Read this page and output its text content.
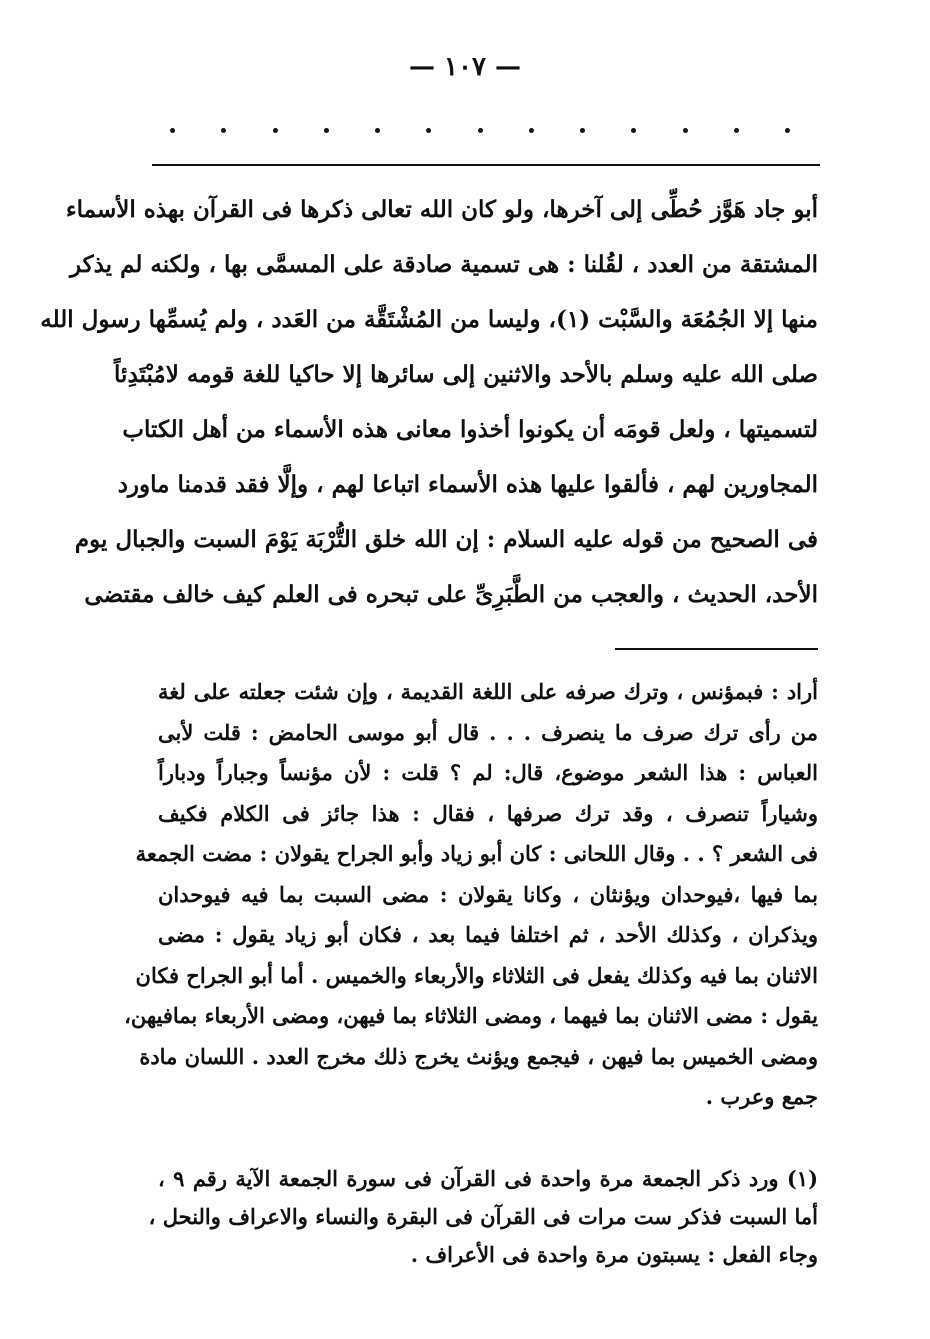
— ١٠٧ —
أبو جاد هَوَّز حُطِّى إلى آخرها، ولو كان الله تعالى ذكرها فى القرآن بهذه الأسماء
المشتقة من العدد ، لقُلنا : هى تسمية صادقة على المسمَّى بها ، ولكنه لم يذكر
منها إلا الجُمُعَة والسَّبْت (١)، وليسا من المُشْتَقَّة من العَدد ، ولم يُسمِّها رسول الله
صلى الله عليه وسلم بالأحد والاثنين إلى سائرها إلا حاكيا للغة قومه لامُبْتَدِئاً
لتسميتها ، ولعل قومَه أن يكونوا أخذوا معانى هذه الأسماء من أهل الكتاب
المجاورين لهم ، فألقوا عليها هذه الأسماء اتباعا لهم ، وإلَّا فقد قدمنا ماورد
فى الصحيح من قوله عليه السلام : إن الله خلق التُّرْبَة يَوْمَ السبت والجبال يوم
الأحد، الحديث ، والعجب من الطَّبَرِىِّ على تبحره فى العلم كيف خالف مقتضى
أراد : فبمؤنس ، وترك صرفه على اللغة القديمة ، وإن شئت جعلته على لغة
من رأى ترك صرف ما ينصرف . . . قال أبو موسى الحامض : قلت لأبى
العباس : هذا الشعر موضوع، قال: لم ؟ قلت : لأن مؤنساً وجباراً ودباراً
وشياراً تنصرف ، وقد ترك صرفها ، فقال : هذا جائز فى الكلام فكيف
فى الشعر ؟ . . وقال اللحانى : كان أبو زياد وأبو الجراح يقولان : مضت الجمعة
بما فيها ،فيوحدان ويؤنثان ، وكانا يقولان : مضى السبت بما فيه فيوحدان
ويذكران ، وكذلك الأحد ، ثم اختلفا فيما بعد ، فكان أبو زياد يقول : مضى
الاثنان بما فيه وكذلك يفعل فى الثلاثاء والأربعاء والخميس . أما أبو الجراح فكان
يقول : مضى الاثنان بما فيهما ، ومضى الثلاثاء بما فيهن، ومضى الأربعاء بمافيهن،
ومضى الخميس بما فيهن ، فيجمع ويؤنث يخرج ذلك مخرج العدد . اللسان مادة
جمع وعرب .
(١) ورد ذكر الجمعة مرة واحدة فى القرآن فى سورة الجمعة الآية رقم ٩ ،
أما السبت فذكر ست مرات فى القرآن فى البقرة والنساء والاعراف والنحل ،
وجاء الفعل : يسبتون مرة واحدة فى الأعراف .
